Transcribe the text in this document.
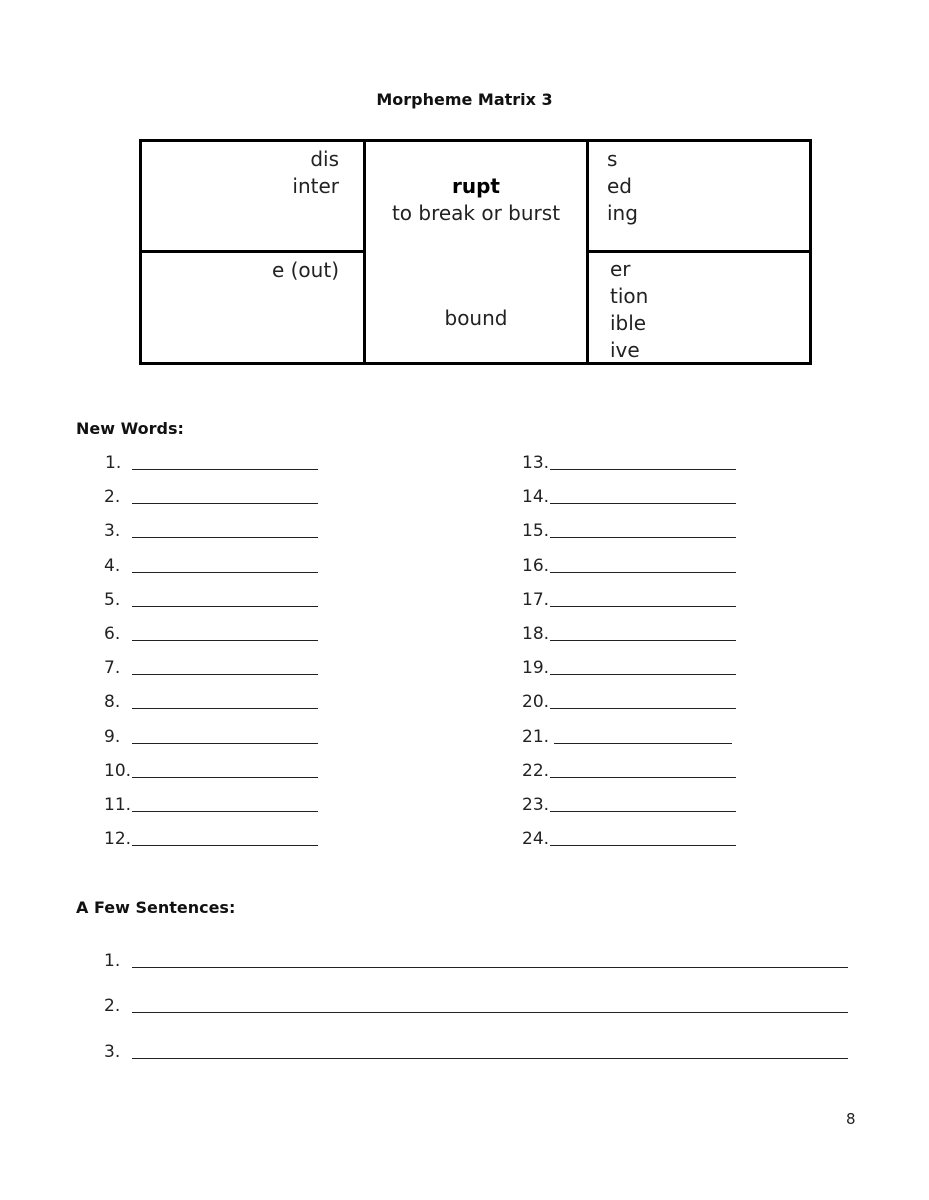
Morpheme Matrix 3
dis
inter
e (out)
rupt
to break or burst
bound
s
ed
ing
er
tion
ible
ive
New Words:
1.
2.
3.
4.
5.
6.
7.
8.
9.
10.
11.
12.
13.
14.
15.
16.
17.
18.
19.
20.
21.
22.
23.
24.
A Few Sentences:
1.
2.
3.
8
